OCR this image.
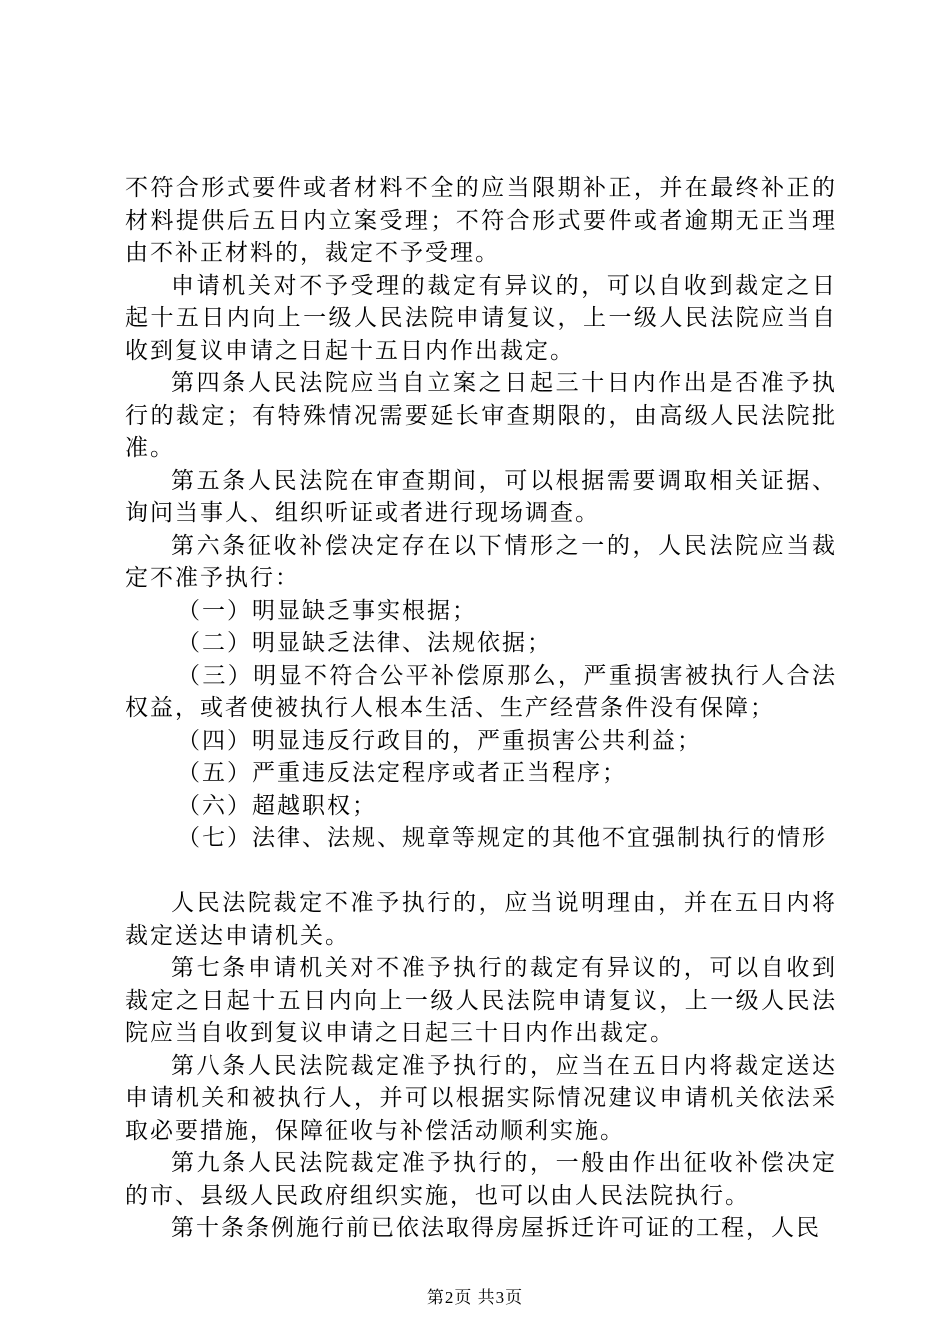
不符合形式要件或者材料不全的应当限期补正，并在最终补正的材料提供后五日内立案受理；不符合形式要件或者逾期无正当理由不补正材料的，裁定不予受理。

申请机关对不予受理的裁定有异议的，可以自收到裁定之日起十五日内向上一级人民法院申请复议，上一级人民法院应当自收到复议申请之日起十五日内作出裁定。

第四条人民法院应当自立案之日起三十日内作出是否准予执行的裁定；有特殊情况需要延长审查期限的，由高级人民法院批准。

第五条人民法院在审查期间，可以根据需要调取相关证据、询问当事人、组织听证或者进行现场调查。

第六条征收补偿决定存在以下情形之一的，人民法院应当裁定不准予执行：

（一）明显缺乏事实根据；

（二）明显缺乏法律、法规依据；

（三）明显不符合公平补偿原那么，严重损害被执行人合法权益，或者使被执行人根本生活、生产经营条件没有保障；

（四）明显违反行政目的，严重损害公共利益；

（五）严重违反法定程序或者正当程序；

（六）超越职权；

（七）法律、法规、规章等规定的其他不宜强制执行的情形

人民法院裁定不准予执行的，应当说明理由，并在五日内将裁定送达申请机关。

第七条申请机关对不准予执行的裁定有异议的，可以自收到裁定之日起十五日内向上一级人民法院申请复议，上一级人民法院应当自收到复议申请之日起三十日内作出裁定。

第八条人民法院裁定准予执行的，应当在五日内将裁定送达申请机关和被执行人，并可以根据实际情况建议申请机关依法采取必要措施，保障征收与补偿活动顺利实施。

第九条人民法院裁定准予执行的，一般由作出征收补偿决定的市、县级人民政府组织实施，也可以由人民法院执行。

第十条条例施行前已依法取得房屋拆迁许可证的工程，人民

第2页 共3页
